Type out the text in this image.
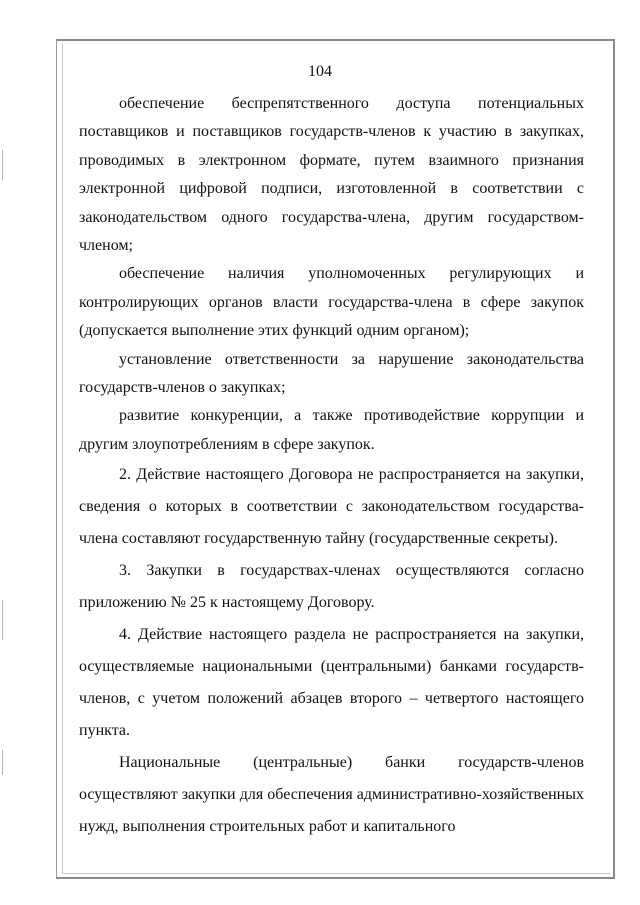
104

обеспечение беспрепятственного доступа потенциальных поставщиков и поставщиков государств-членов к участию в закупках, проводимых в электронном формате, путем взаимного признания электронной цифровой подписи, изготовленной в соответствии с законодательством одного государства-члена, другим государством-членом;

обеспечение наличия уполномоченных регулирующих и контролирующих органов власти государства-члена в сфере закупок (допускается выполнение этих функций одним органом);

установление ответственности за нарушение законодательства государств-членов о закупках;

развитие конкуренции, а также противодействие коррупции и другим злоупотреблениям в сфере закупок.

2. Действие настоящего Договора не распространяется на закупки, сведения о которых в соответствии с законодательством государства-члена составляют государственную тайну (государственные секреты).

3. Закупки в государствах-членах осуществляются согласно приложению № 25 к настоящему Договору.

4. Действие настоящего раздела не распространяется на закупки, осуществляемые национальными (центральными) банками государств-членов, с учетом положений абзацев второго – четвертого настоящего пункта.

Национальные (центральные) банки государств-членов осуществляют закупки для обеспечения административно-хозяйственных нужд, выполнения строительных работ и капитального
